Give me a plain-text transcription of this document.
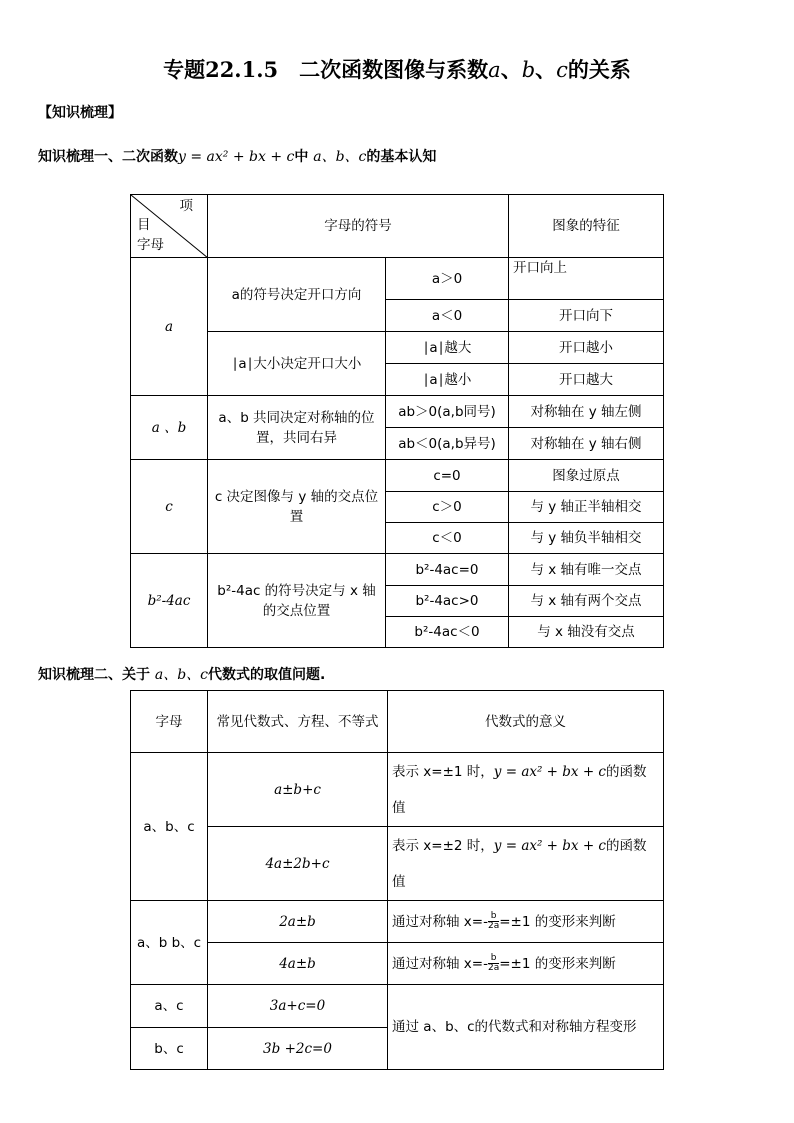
专题22.1.5　二次函数图像与系数a、b、c的关系
【知识梳理】
知识梳理一、二次函数y = ax² + bx + c中 a、b、c的基本认知
项
目
字母	字母的符号		图象的特征
a	a的符号决定开口方向	a＞0	开口向上
		a＜0	开口向下
	∣a∣大小决定开口大小	∣a∣越大	开口越小
		∣a∣越小	开口越大
a 、b	a、b 共同决定对称轴的位置，共同右异	ab＞0(a,b同号)	对称轴在 y 轴左侧
		ab＜0(a,b异号)	对称轴在 y 轴右侧
c	c 决定图像与 y 轴的交点位置	c=0	图象过原点
		c＞0	与 y 轴正半轴相交
		c＜0	与 y 轴负半轴相交
b²-4ac	b²-4ac 的符号决定与 x 轴的交点位置	b²-4ac=0	与 x 轴有唯一交点
		b²-4ac>0	与 x 轴有两个交点
		b²-4ac＜0	与 x 轴没有交点
知识梳理二、关于 a、b、c代数式的取值问题.
字母	常见代数式、方程、不等式	代数式的意义
a、b、c	a±b+c	表示 x=±1 时，y = ax² + bx + c的函数值
	4a±2b+c	表示 x=±2 时，y = ax² + bx + c的函数值
a、b b、c	2a±b	通过对称轴 $x=- \frac{b}{2a} =\pm 1$ 的变形来判断
	4a±b	通过对称轴 $x=- \frac{b}{2a} =\pm 1$ 的变形来判断
a、c	3a+c=0	通过 a、b、c的代数式和对称轴方程变形
b、c	3b +2c=0	
